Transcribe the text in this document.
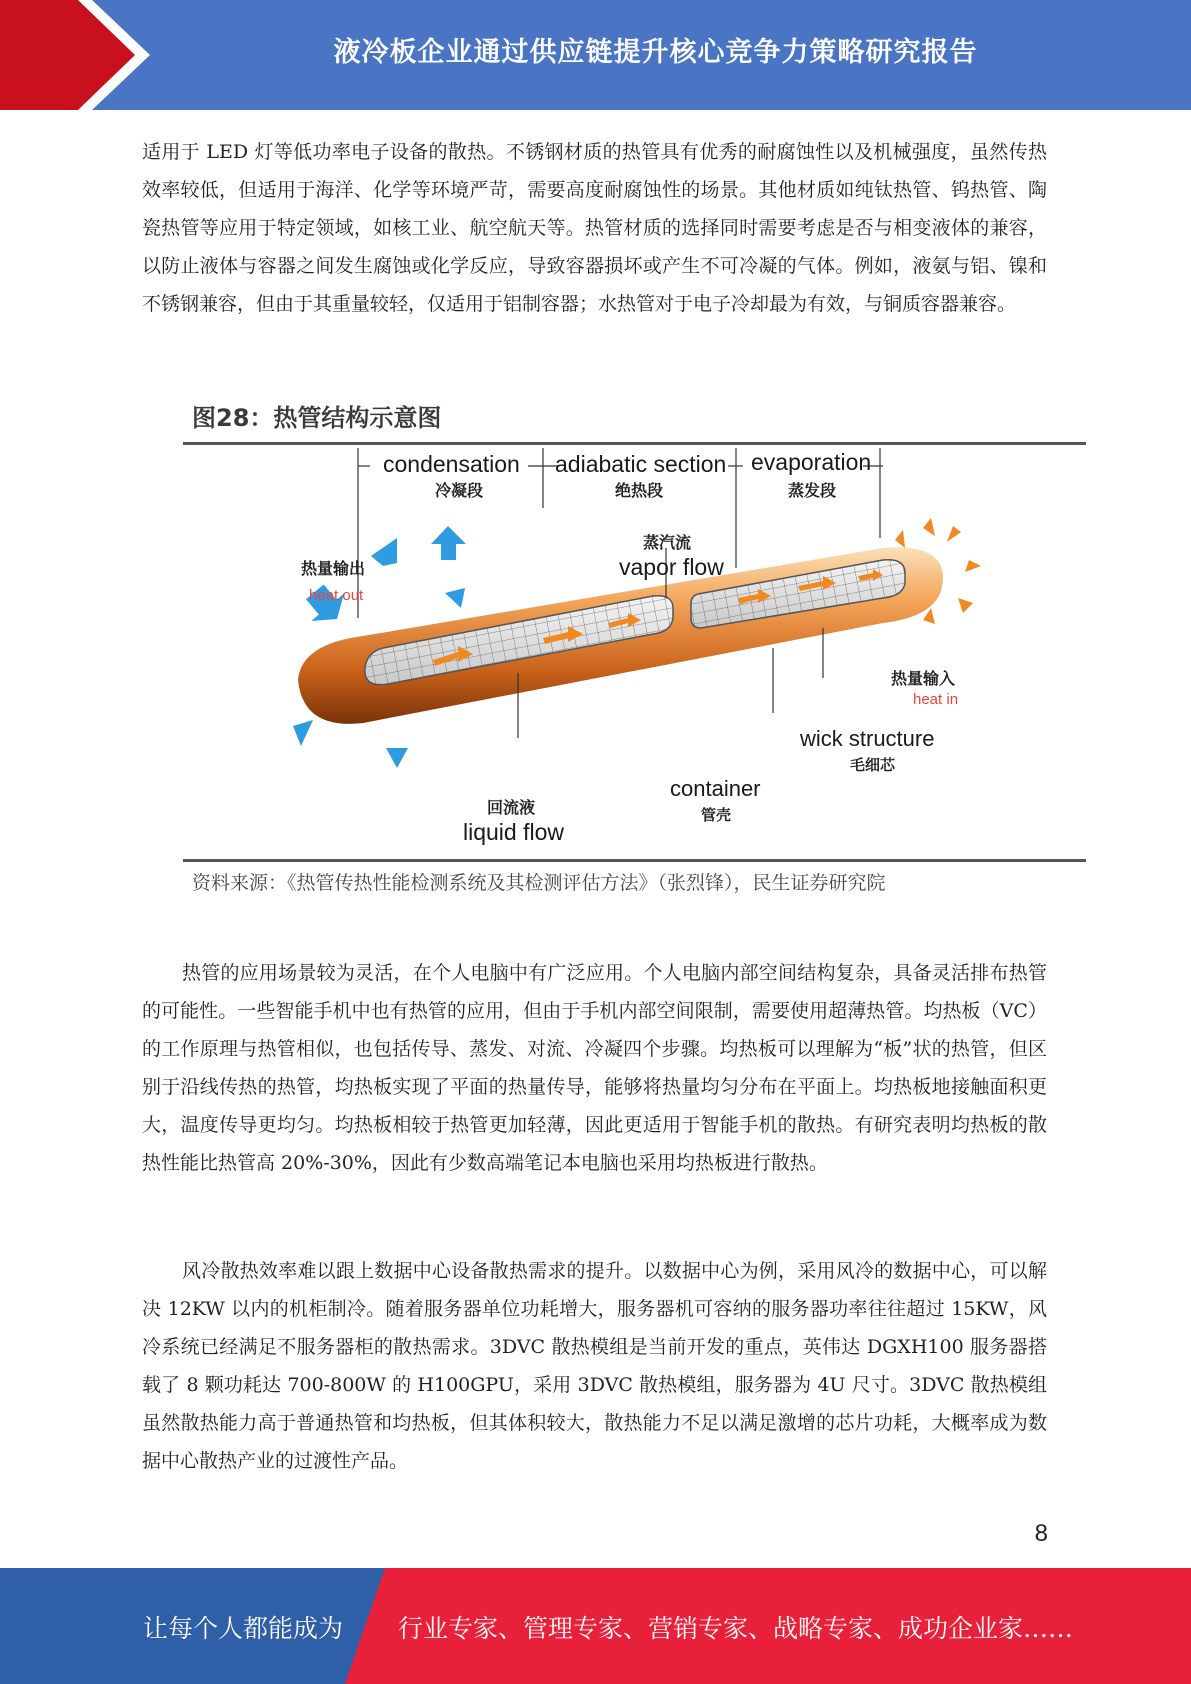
液冷板企业通过供应链提升核心竞争力策略研究报告
适用于 LED 灯等低功率电子设备的散热。不锈钢材质的热管具有优秀的耐腐蚀性以及机械强度，虽然传热效率较低，但适用于海洋、化学等环境严苛，需要高度耐腐蚀性的场景。其他材质如纯钛热管、钨热管、陶瓷热管等应用于特定领域，如核工业、航空航天等。热管材质的选择同时需要考虑是否与相变液体的兼容，以防止液体与容器之间发生腐蚀或化学反应，导致容器损坏或产生不可冷凝的气体。例如，液氨与铝、镍和不锈钢兼容，但由于其重量较轻，仅适用于铝制容器；水热管对于电子冷却最为有效，与铜质容器兼容。
图28：热管结构示意图
condensation
冷凝段
adiabatic section
绝热段
evaporation
蒸发段
蒸汽流
vapor flow
热量输出
heat out
热量输入
heat in
wick structure
毛细芯
container
管壳
回流液
liquid flow
资料来源：《热管传热性能检测系统及其检测评估方法》（张烈锋），民生证券研究院
热管的应用场景较为灵活，在个人电脑中有广泛应用。个人电脑内部空间结构复杂，具备灵活排布热管的可能性。一些智能手机中也有热管的应用，但由于手机内部空间限制，需要使用超薄热管。均热板（VC）的工作原理与热管相似，也包括传导、蒸发、对流、冷凝四个步骤。均热板可以理解为“板”状的热管，但区别于沿线传热的热管，均热板实现了平面的热量传导，能够将热量均匀分布在平面上。均热板地接触面积更大，温度传导更均匀。均热板相较于热管更加轻薄，因此更适用于智能手机的散热。有研究表明均热板的散热性能比热管高 20%-30%，因此有少数高端笔记本电脑也采用均热板进行散热。
风冷散热效率难以跟上数据中心设备散热需求的提升。以数据中心为例，采用风冷的数据中心，可以解决 12KW 以内的机柜制冷。随着服务器单位功耗增大，服务器机可容纳的服务器功率往往超过 15KW，风冷系统已经满足不服务器柜的散热需求。3DVC 散热模组是当前开发的重点，英伟达 DGXH100 服务器搭载了 8 颗功耗达 700-800W 的 H100GPU，采用 3DVC 散热模组，服务器为 4U 尺寸。3DVC 散热模组虽然散热能力高于普通热管和均热板，但其体积较大，散热能力不足以满足激增的芯片功耗，大概率成为数据中心散热产业的过渡性产品。
8
让每个人都能成为 行业专家、管理专家、营销专家、战略专家、成功企业家……
